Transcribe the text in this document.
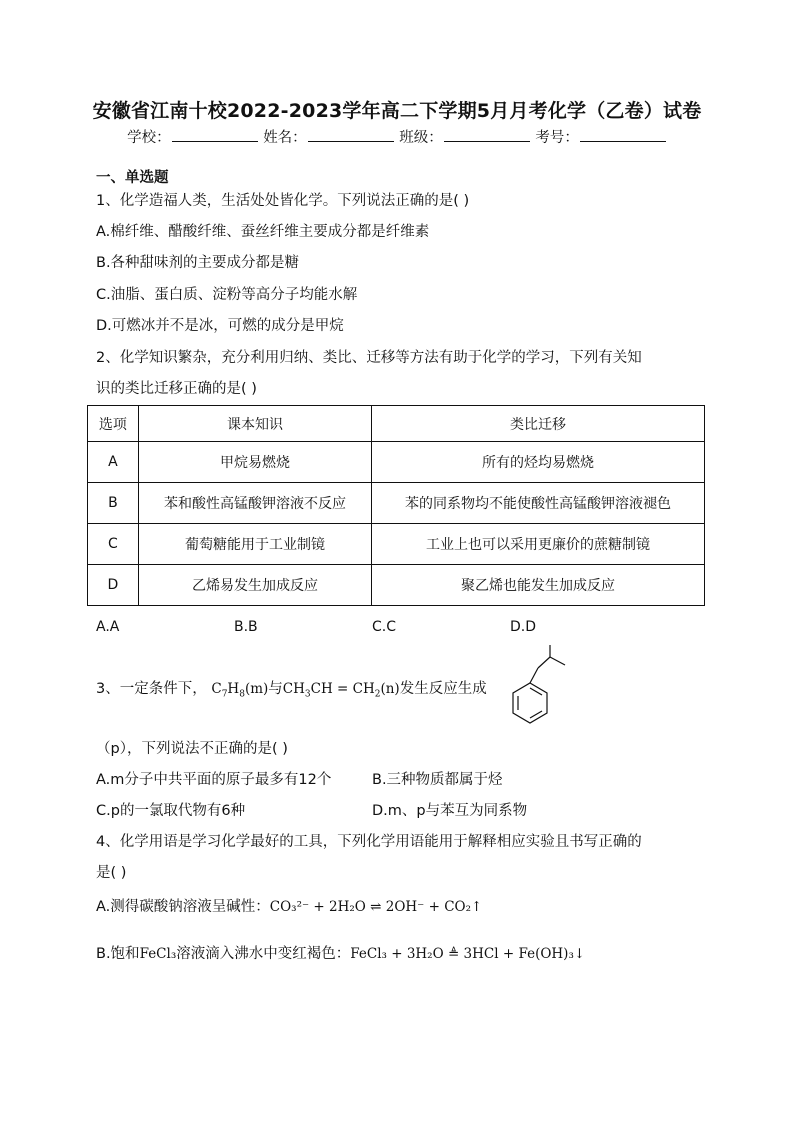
安徽省江南十校2022-2023学年高二下学期5月月考化学（乙卷）试卷
学校：	姓名：	班级：	考号：
一、单选题
1、化学造福人类，生活处处皆化学。下列说法正确的是( )
A.棉纤维、醋酸纤维、蚕丝纤维主要成分都是纤维素
B.各种甜味剂的主要成分都是糖
C.油脂、蛋白质、淀粉等高分子均能水解
D.可燃冰并不是冰，可燃的成分是甲烷
2、化学知识繁杂，充分利用归纳、类比、迁移等方法有助于化学的学习，下列有关知
识的类比迁移正确的是( )
选项	课本知识	类比迁移
A	甲烷易燃烧	所有的烃均易燃烧
B	苯和酸性高锰酸钾溶液不反应	苯的同系物均不能使酸性高锰酸钾溶液褪色
C	葡萄糖能用于工业制镜	工业上也可以采用更廉价的蔗糖制镜
D	乙烯易发生加成反应	聚乙烯也能发生加成反应
A.A	B.B	C.C	D.D
3、一定条件下， $C_7H_8(m)$与$CH_3CH = CH_2(n)$发生反应生成
（p），下列说法不正确的是( )
A.m分子中共平面的原子最多有12个	B.三种物质都属于烃
C.p的一氯取代物有6种	D.m、p与苯互为同系物
4、化学用语是学习化学最好的工具，下列化学用语能用于解释相应实验且书写正确的
是( )
A.测得碳酸钠溶液呈碱性：CO₃²⁻ + 2H₂O ⇌ 2OH⁻ + CO₂↑
B.饱和FeCl₃溶液滴入沸水中变红褐色：FeCl₃ + 3H₂O ≜ 3HCl + Fe(OH)₃↓
